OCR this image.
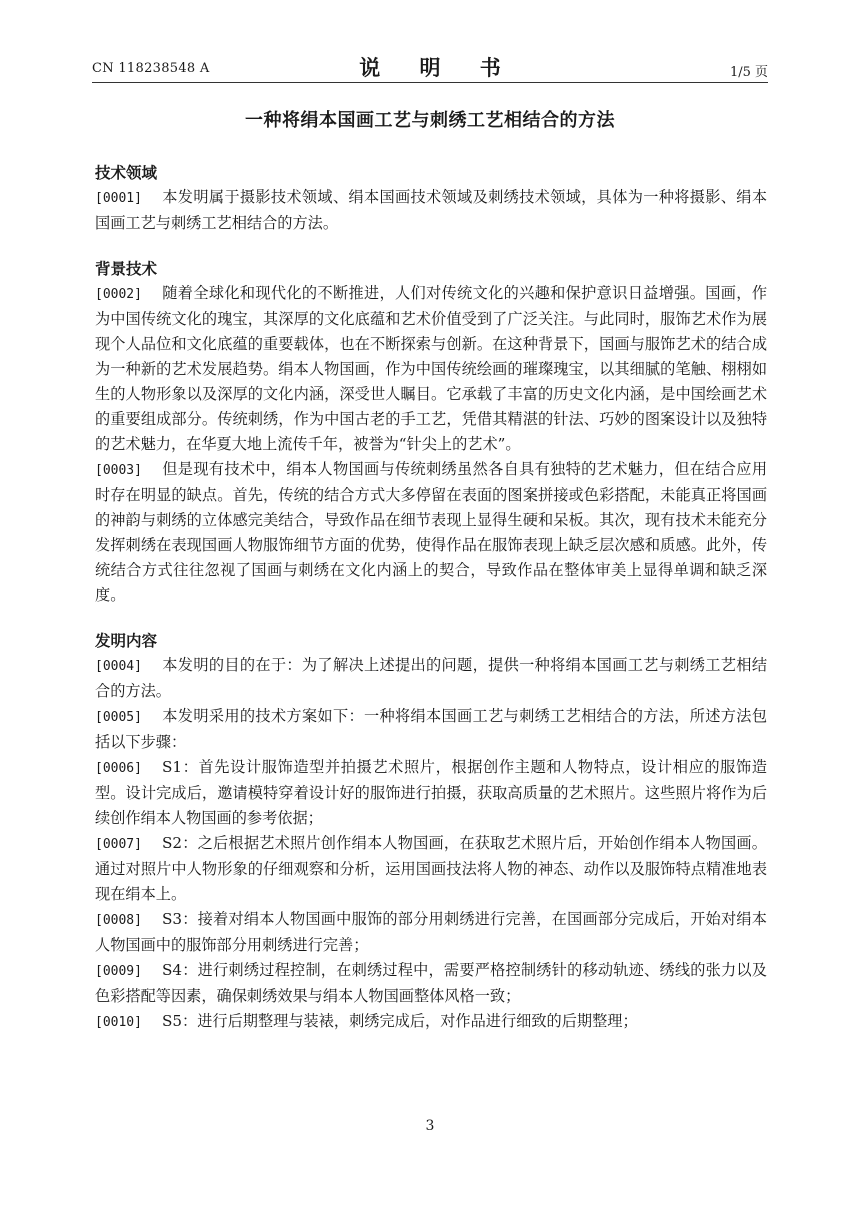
CN 118238548 A	说 明 书	1/5 页
一种将绢本国画工艺与刺绣工艺相结合的方法
技术领域
[0001] 本发明属于摄影技术领域、绢本国画技术领域及刺绣技术领域，具体为一种将摄影、绢本国画工艺与刺绣工艺相结合的方法。
背景技术
[0002] 随着全球化和现代化的不断推进，人们对传统文化的兴趣和保护意识日益增强。国画，作为中国传统文化的瑰宝，其深厚的文化底蕴和艺术价值受到了广泛关注。与此同时，服饰艺术作为展现个人品位和文化底蕴的重要载体，也在不断探索与创新。在这种背景下，国画与服饰艺术的结合成为一种新的艺术发展趋势。绢本人物国画，作为中国传统绘画的璀璨瑰宝，以其细腻的笔触、栩栩如生的人物形象以及深厚的文化内涵，深受世人瞩目。它承载了丰富的历史文化内涵，是中国绘画艺术的重要组成部分。传统刺绣，作为中国古老的手工艺，凭借其精湛的针法、巧妙的图案设计以及独特的艺术魅力，在华夏大地上流传千年，被誉为“针尖上的艺术”。
[0003] 但是现有技术中，绢本人物国画与传统刺绣虽然各自具有独特的艺术魅力，但在结合应用时存在明显的缺点。首先，传统的结合方式大多停留在表面的图案拼接或色彩搭配，未能真正将国画的神韵与刺绣的立体感完美结合，导致作品在细节表现上显得生硬和呆板。其次，现有技术未能充分发挥刺绣在表现国画人物服饰细节方面的优势，使得作品在服饰表现上缺乏层次感和质感。此外，传统结合方式往往忽视了国画与刺绣在文化内涵上的契合，导致作品在整体审美上显得单调和缺乏深度。
发明内容
[0004] 本发明的目的在于：为了解决上述提出的问题，提供一种将绢本国画工艺与刺绣工艺相结合的方法。
[0005] 本发明采用的技术方案如下：一种将绢本国画工艺与刺绣工艺相结合的方法，所述方法包括以下步骤：
[0006] S1：首先设计服饰造型并拍摄艺术照片，根据创作主题和人物特点，设计相应的服饰造型。设计完成后，邀请模特穿着设计好的服饰进行拍摄，获取高质量的艺术照片。这些照片将作为后续创作绢本人物国画的参考依据；
[0007] S2：之后根据艺术照片创作绢本人物国画，在获取艺术照片后，开始创作绢本人物国画。通过对照片中人物形象的仔细观察和分析，运用国画技法将人物的神态、动作以及服饰特点精准地表现在绢本上。
[0008] S3：接着对绢本人物国画中服饰的部分用刺绣进行完善，在国画部分完成后，开始对绢本人物国画中的服饰部分用刺绣进行完善；
[0009] S4：进行刺绣过程控制，在刺绣过程中，需要严格控制绣针的移动轨迹、绣线的张力以及色彩搭配等因素，确保刺绣效果与绢本人物国画整体风格一致；
[0010] S5：进行后期整理与装裱，刺绣完成后，对作品进行细致的后期整理；
3
